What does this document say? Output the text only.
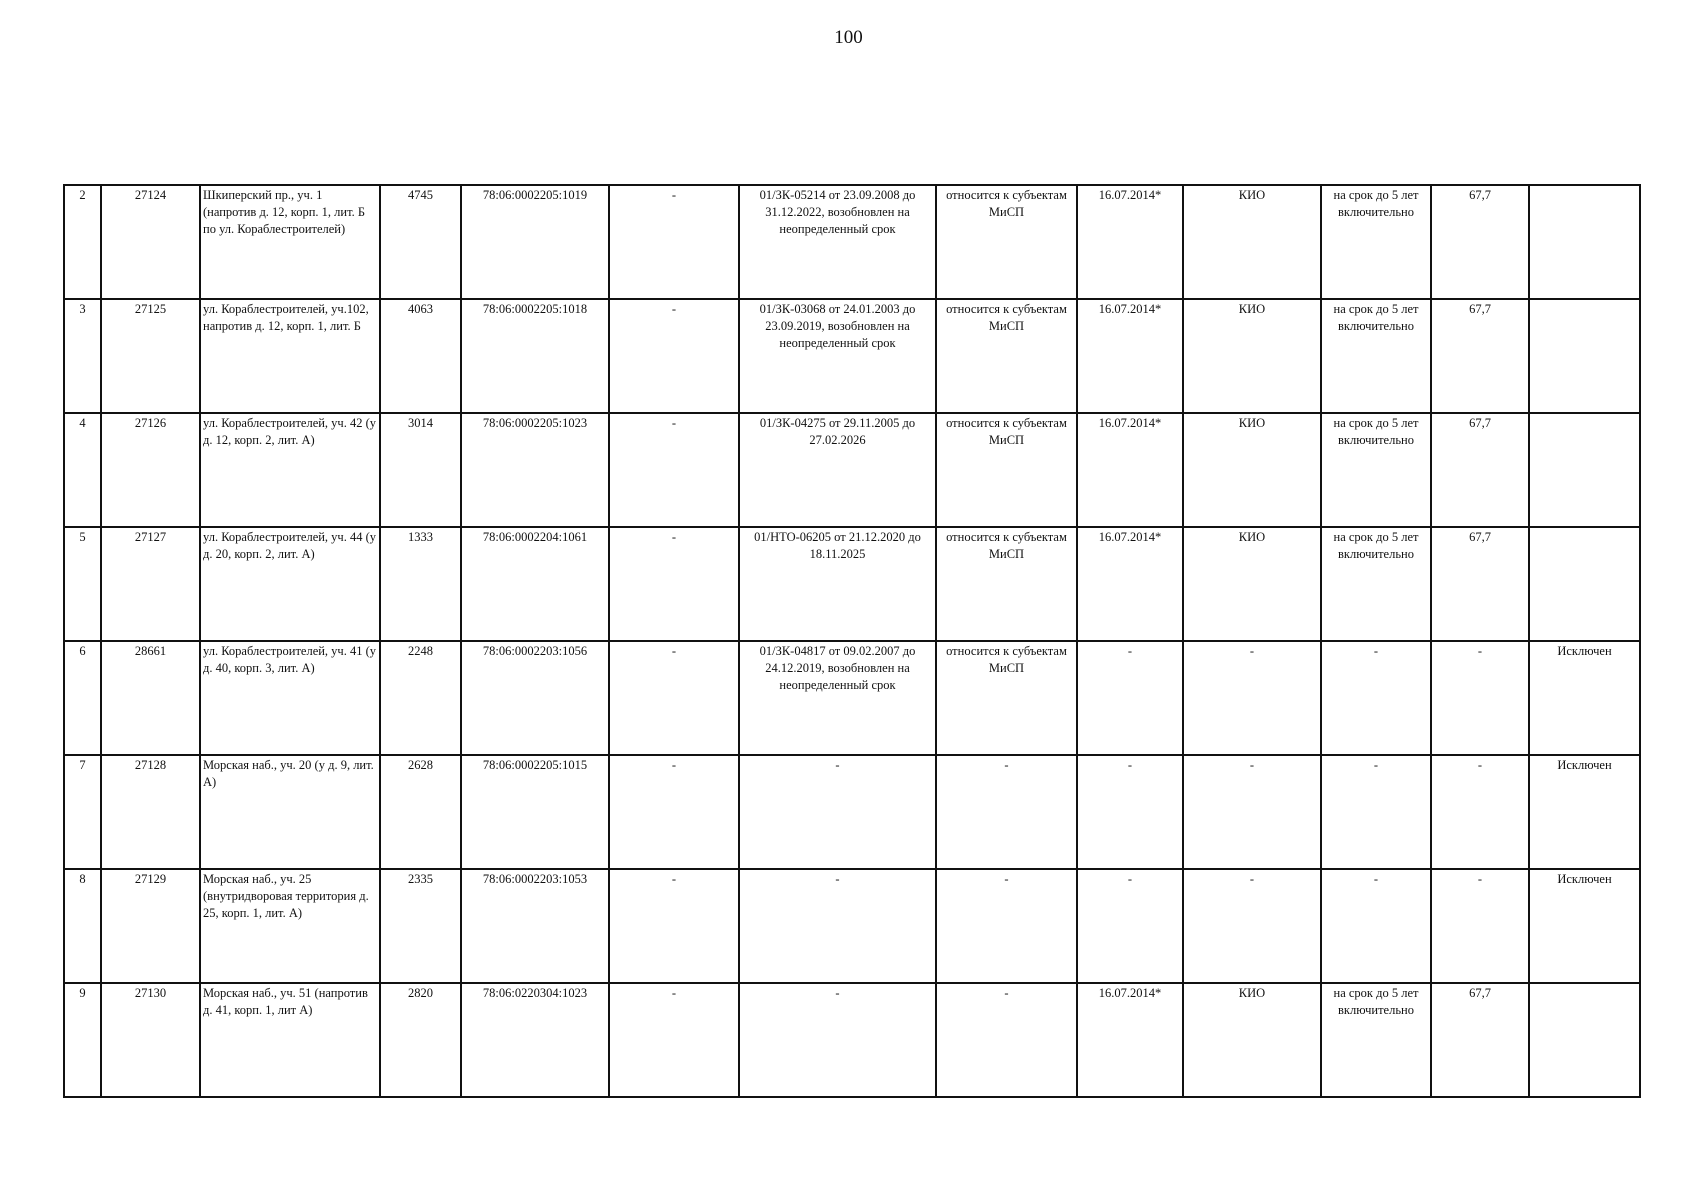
100
2	27124	Шкиперский пр., уч. 1 (напротив д. 12, корп. 1, лит. Б по ул. Кораблестроителей)	4745	78:06:0002205:1019	-	01/ЗК-05214 от 23.09.2008 до 31.12.2022, возобновлен на неопределенный срок	относится к субъектам МиСП	16.07.2014*	КИО	на срок до 5 лет включительно	67,7	
3	27125	ул. Кораблестроителей, уч.102, напротив д. 12, корп. 1, лит. Б	4063	78:06:0002205:1018	-	01/ЗК-03068 от 24.01.2003 до 23.09.2019, возобновлен на неопределенный срок	относится к субъектам МиСП	16.07.2014*	КИО	на срок до 5 лет включительно	67,7	
4	27126	ул. Кораблестроителей, уч. 42 (у д. 12, корп. 2, лит. А)	3014	78:06:0002205:1023	-	01/ЗК-04275 от 29.11.2005 до 27.02.2026	относится к субъектам МиСП	16.07.2014*	КИО	на срок до 5 лет включительно	67,7	
5	27127	ул. Кораблестроителей, уч. 44 (у д. 20, корп. 2, лит. А)	1333	78:06:0002204:1061	-	01/НТО-06205 от 21.12.2020 до 18.11.2025	относится к субъектам МиСП	16.07.2014*	КИО	на срок до 5 лет включительно	67,7	
6	28661	ул. Кораблестроителей, уч. 41 (у д. 40, корп. 3, лит. А)	2248	78:06:0002203:1056	-	01/ЗК-04817 от 09.02.2007 до 24.12.2019, возобновлен на неопределенный срок	относится к субъектам МиСП	-	-	-	-	Исключен
7	27128	Морская наб., уч. 20 (у д. 9, лит. А)	2628	78:06:0002205:1015	-	-	-	-	-	-	-	Исключен
8	27129	Морская наб., уч. 25 (внутридворовая территория д. 25, корп. 1, лит. А)	2335	78:06:0002203:1053	-	-	-	-	-	-	-	Исключен
9	27130	Морская наб., уч. 51 (напротив д. 41, корп. 1, лит А)	2820	78:06:0220304:1023	-	-	-	16.07.2014*	КИО	на срок до 5 лет включительно	67,7	
